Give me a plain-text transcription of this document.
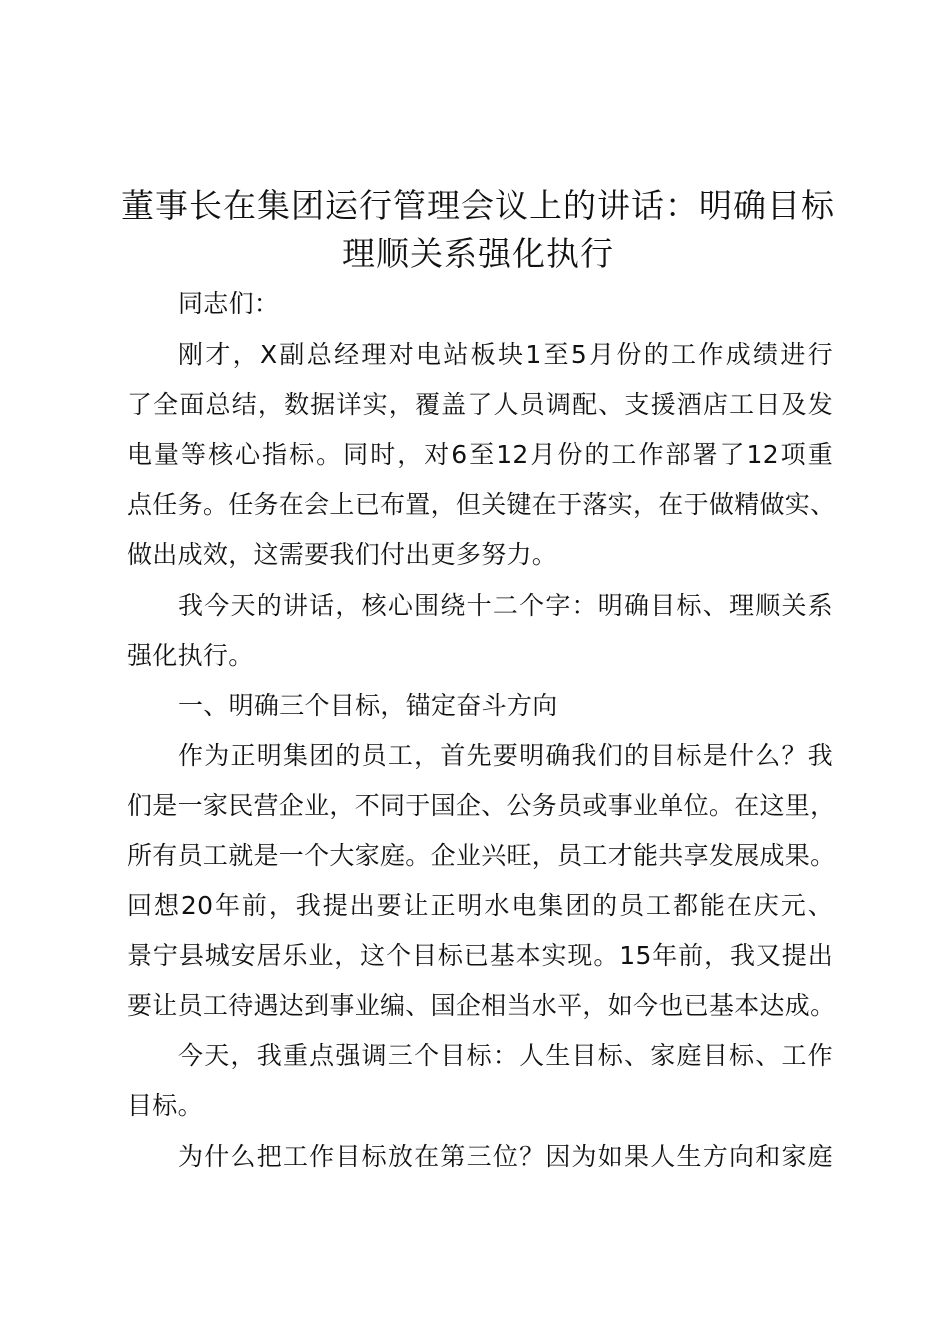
董事长在集团运行管理会议上的讲话：明确目标理顺关系强化执行

同志们：

刚才，X副总经理对电站板块1至5月份的工作成绩进行

了全面总结，数据详实，覆盖了人员调配、支援酒店工日及发

电量等核心指标。同时，对6至12月份的工作部署了12项重

点任务。任务在会上已布置，但关键在于落实，在于做精做实、

做出成效，这需要我们付出更多努力。

我今天的讲话，核心围绕十二个字：明确目标、理顺关系

强化执行。

一、明确三个目标，锚定奋斗方向

作为正明集团的员工，首先要明确我们的目标是什么？我

们是一家民营企业，不同于国企、公务员或事业单位。在这里，

所有员工就是一个大家庭。企业兴旺，员工才能共享发展成果。

回想20年前，我提出要让正明水电集团的员工都能在庆元、

景宁县城安居乐业，这个目标已基本实现。15年前，我又提出

要让员工待遇达到事业编、国企相当水平，如今也已基本达成。

今天，我重点强调三个目标：人生目标、家庭目标、工作

目标。

为什么把工作目标放在第三位？因为如果人生方向和家庭
